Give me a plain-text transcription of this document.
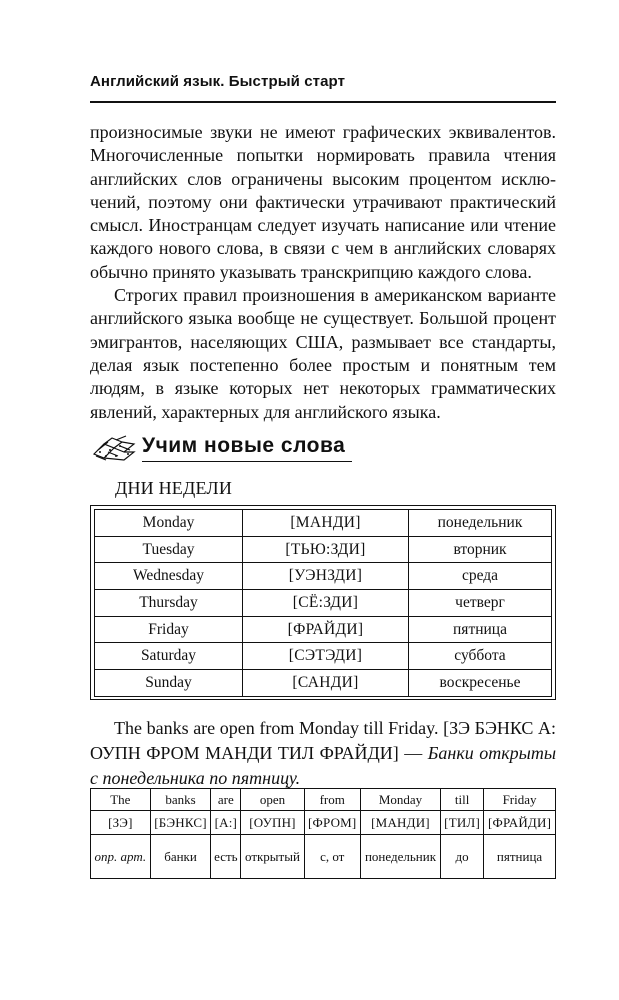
Английский язык. Быстрый старт

произносимые звуки не имеют графических эквивалентов. Многочисленные попытки нормировать правила чтения английских слов ограничены высоким процентом исключений, поэтому они фактически утрачивают практический смысл. Иностранцам следует изучать написание или чтение каждого нового слова, в связи с чем в английских словарях обычно принято указывать транскрипцию каждого слова.

Строгих правил произношения в американском варианте английского языка вообще не существует. Большой процент эмигрантов, населяющих США, размывает все стандарты, делая язык постепенно более простым и понятным тем людям, в языке которых нет некоторых грамматических явлений, характерных для английского языка.

Учим новые слова
ДНИ НЕДЕЛИ
Monday	[МАНДИ]	понедельник
Tuesday	[ТЬЮ:ЗДИ]	вторник
Wednesday	[УЭНЗДИ]	среда
Thursday	[СЁ:ЗДИ]	четверг
Friday	[ФРАЙДИ]	пятница
Saturday	[СЭТЭДИ]	суббота
Sunday	[САНДИ]	воскресенье

The banks are open from Monday till Friday. [ЗЭ БЭНКС А: ОУПН ФРОМ МАНДИ ТИЛ ФРАЙДИ] — Банки открыты с понедельника по пятницу.

The	banks	are	open	from	Monday	till	Friday
[ЗЭ]	[БЭНКС]	[А:]	[ОУПН]	[ФРОМ]	[МАНДИ]	[ТИЛ]	[ФРАЙДИ]
опр. арт.	банки	есть	открытый	с, от	понедельник	до	пятница
